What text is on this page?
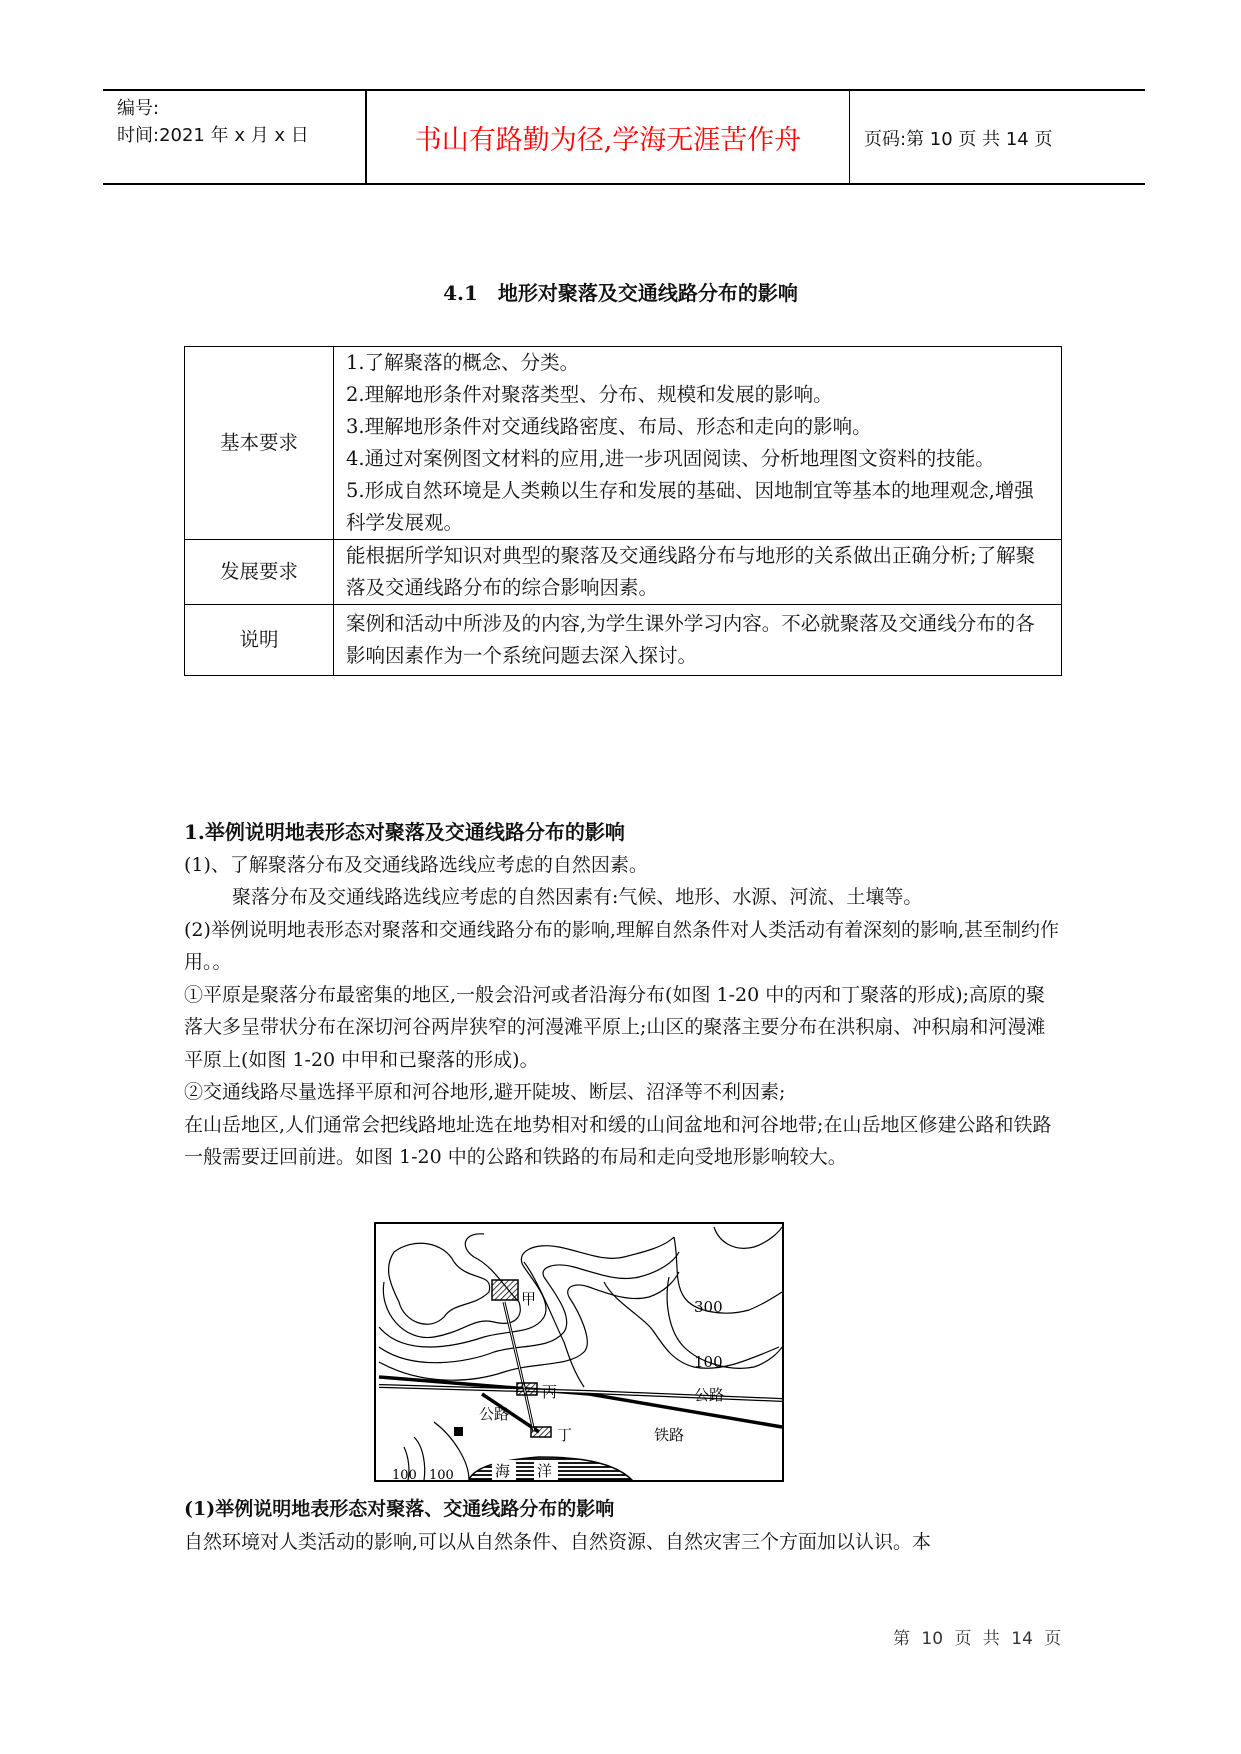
编号:
时间:2021 年 x 月 x 日	书山有路勤为径,学海无涯苦作舟	页码:第 10 页 共 14 页
4.1　地形对聚落及交通线路分布的影响
基本要求	1.了解聚落的概念、分类。
2.理解地形条件对聚落类型、分布、规模和发展的影响。
3.理解地形条件对交通线路密度、布局、形态和走向的影响。
4.通过对案例图文材料的应用,进一步巩固阅读、分析地理图文资料的技能。
5.形成自然环境是人类赖以生存和发展的基础、因地制宜等基本的地理观念,增强科学发展观。

发展要求	能根据所学知识对典型的聚落及交通线路分布与地形的关系做出正确分析;了解聚落及交通线路分布的综合影响因素。
说明	案例和活动中所涉及的内容,为学生课外学习内容。不必就聚落及交通线分布的各影响因素作为一个系统问题去深入探讨。
1.举例说明地表形态对聚落及交通线路分布的影响
(1)、了解聚落分布及交通线路选线应考虑的自然因素。
聚落分布及交通线路选线应考虑的自然因素有:气候、地形、水源、河流、土壤等。
(2)举例说明地表形态对聚落和交通线路分布的影响,理解自然条件对人类活动有着深刻的影响,甚至制约作用。。
①平原是聚落分布最密集的地区,一般会沿河或者沿海分布(如图 1-20 中的丙和丁聚落的形成);高原的聚落大多呈带状分布在深切河谷两岸狭窄的河漫滩平原上;山区的聚落主要分布在洪积扇、冲积扇和河漫滩平原上(如图 1-20 中甲和已聚落的形成)。
②交通线路尽量选择平原和河谷地形,避开陡坡、断层、沼泽等不利因素;
在山岳地区,人们通常会把线路地址选在地势相对和缓的山间盆地和河谷地带;在山岳地区修建公路和铁路一般需要迂回前进。如图 1-20 中的公路和铁路的布局和走向受地形影响较大。
甲
丙
丁
300
100
公路
公路
铁路
海 洋
100 100
(1)举例说明地表形态对聚落、交通线路分布的影响
自然环境对人类活动的影响,可以从自然条件、自然资源、自然灾害三个方面加以认识。本
第 10 页 共 14 页
